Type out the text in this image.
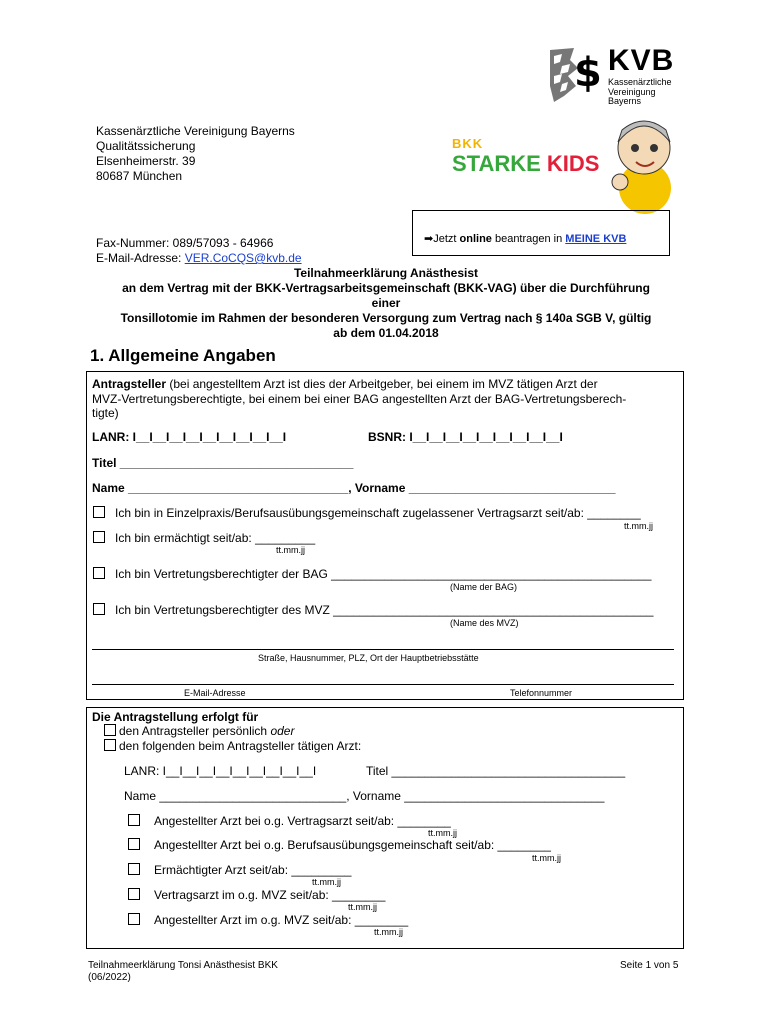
$ KVB
Kassenärztliche
Vereinigung
Bayerns
Kassenärztliche Vereinigung Bayerns
Qualitätssicherung
Elsenheimerstr. 39
80687 München
BKK
STARKE KIDS
Fax-Nummer: 089/57093 - 64966
E-Mail-Adresse: VER.CoCQS@kvb.de
➡Jetzt online beantragen in MEINE KVB
Teilnahmeerklärung Anästhesist
an dem Vertrag mit der BKK-Vertragsarbeitsgemeinschaft (BKK-VAG) über die Durchführung
einer
Tonsillotomie im Rahmen der besonderen Versorgung zum Vertrag nach § 140a SGB V, gültig
ab dem 01.04.2018
1. Allgemeine Angaben
Antragsteller (bei angestelltem Arzt ist dies der Arbeitgeber, bei einem im MVZ tätigen Arzt der
MVZ-Vertretungsberechtigte, bei einem bei einer BAG angestellten Arzt der BAG-Vertretungsberech-
tigte)
LANR: I__I__I__I__I__I__I__I__I__I	BSNR: I__I__I__I__I__I__I__I__I__I
Titel ___________________________________
Name _________________________________, Vorname _______________________________
Ich bin in Einzelpraxis/Berufsausübungsgemeinschaft zugelassener Vertragsarzt seit/ab: ________
tt.mm.jj
Ich bin ermächtigt seit/ab: _________
tt.mm.jj
Ich bin Vertretungsberechtigter der BAG ________________________________________________
(Name der BAG)
Ich bin Vertretungsberechtigter des MVZ ________________________________________________
(Name des MVZ)
Straße, Hausnummer, PLZ, Ort der Hauptbetriebsstätte
E-Mail-Adresse	Telefonnummer
Die Antragstellung erfolgt für
den Antragsteller persönlich oder
den folgenden beim Antragsteller tätigen Arzt:
LANR: I__I__I__I__I__I__I__I__I__I	Titel ___________________________________
Name ____________________________, Vorname ______________________________
Angestellter Arzt bei o.g. Vertragsarzt seit/ab: ________
tt.mm.jj
Angestellter Arzt bei o.g. Berufsausübungsgemeinschaft seit/ab: ________
tt.mm.jj
Ermächtigter Arzt seit/ab: _________
tt.mm.jj
Vertragsarzt im o.g. MVZ seit/ab: ________
tt.mm.jj
Angestellter Arzt im o.g. MVZ seit/ab: ________
tt.mm.jj
Teilnahmeerklärung Tonsi Anästhesist BKK
(06/2022)
Seite 1 von 5
